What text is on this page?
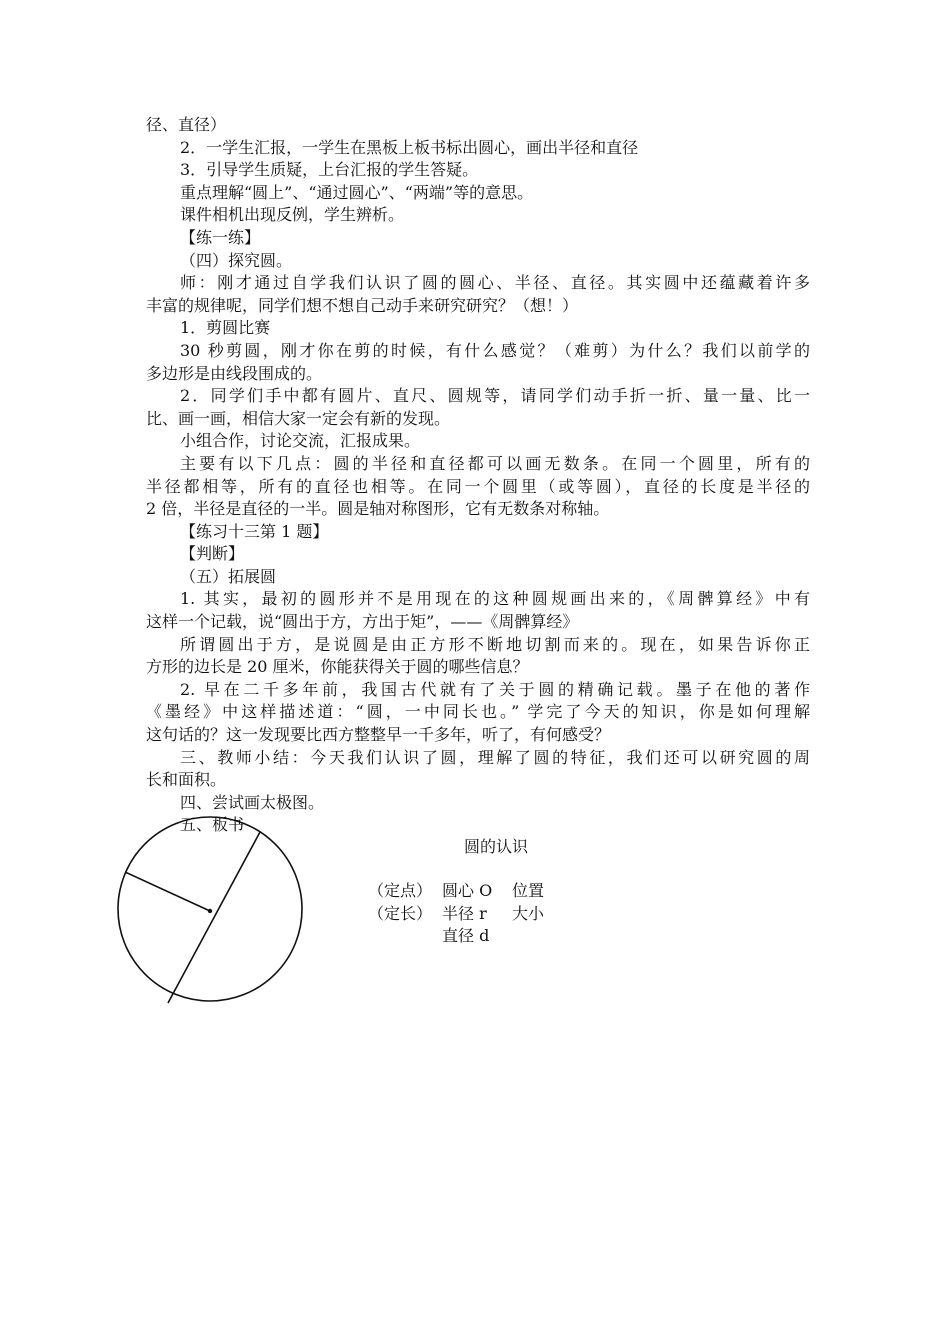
径、直径）
2．一学生汇报，一学生在黑板上板书标出圆心，画出半径和直径
3．引导学生质疑，上台汇报的学生答疑。
重点理解“圆上”、“通过圆心”、“两端”等的意思。
课件相机出现反例，学生辨析。
【练一练】
（四）探究圆。
师：刚才通过自学我们认识了圆的圆心、半径、直径。其实圆中还蕴藏着许多
丰富的规律呢，同学们想不想自己动手来研究研究？（想！）
1．剪圆比赛
30 秒剪圆，刚才你在剪的时候，有什么感觉？（难剪）为什么？我们以前学的
多边形是由线段围成的。
2．同学们手中都有圆片、直尺、圆规等，请同学们动手折一折、量一量、比一
比、画一画，相信大家一定会有新的发现。
小组合作，讨论交流，汇报成果。
主要有以下几点：圆的半径和直径都可以画无数条。在同一个圆里，所有的
半径都相等，所有的直径也相等。在同一个圆里（或等圆），直径的长度是半径的
2 倍，半径是直径的一半。圆是轴对称图形，它有无数条对称轴。
【练习十三第 1 题】
【判断】
（五）拓展圆
1. 其实，最初的圆形并不是用现在的这种圆规画出来的，《周髀算经》中有
这样一个记载，说“圆出于方，方出于矩”，——《周髀算经》
所谓圆出于方，是说圆是由正方形不断地切割而来的。现在，如果告诉你正
方形的边长是 20 厘米，你能获得关于圆的哪些信息？
2. 早在二千多年前，我国古代就有了关于圆的精确记载。墨子在他的著作
《墨经》中这样描述道：“圆，一中同长也。” 学完了今天的知识，你是如何理解
这句话的？这一发现要比西方整整早一千多年，听了，有何感受？
三、教师小结：今天我们认识了圆，理解了圆的特征，我们还可以研究圆的周
长和面积。
四、尝试画太极图。
五、板书
圆的认识
（定点） 圆心 O 位置
（定长） 半径 r 大小
直径 d
